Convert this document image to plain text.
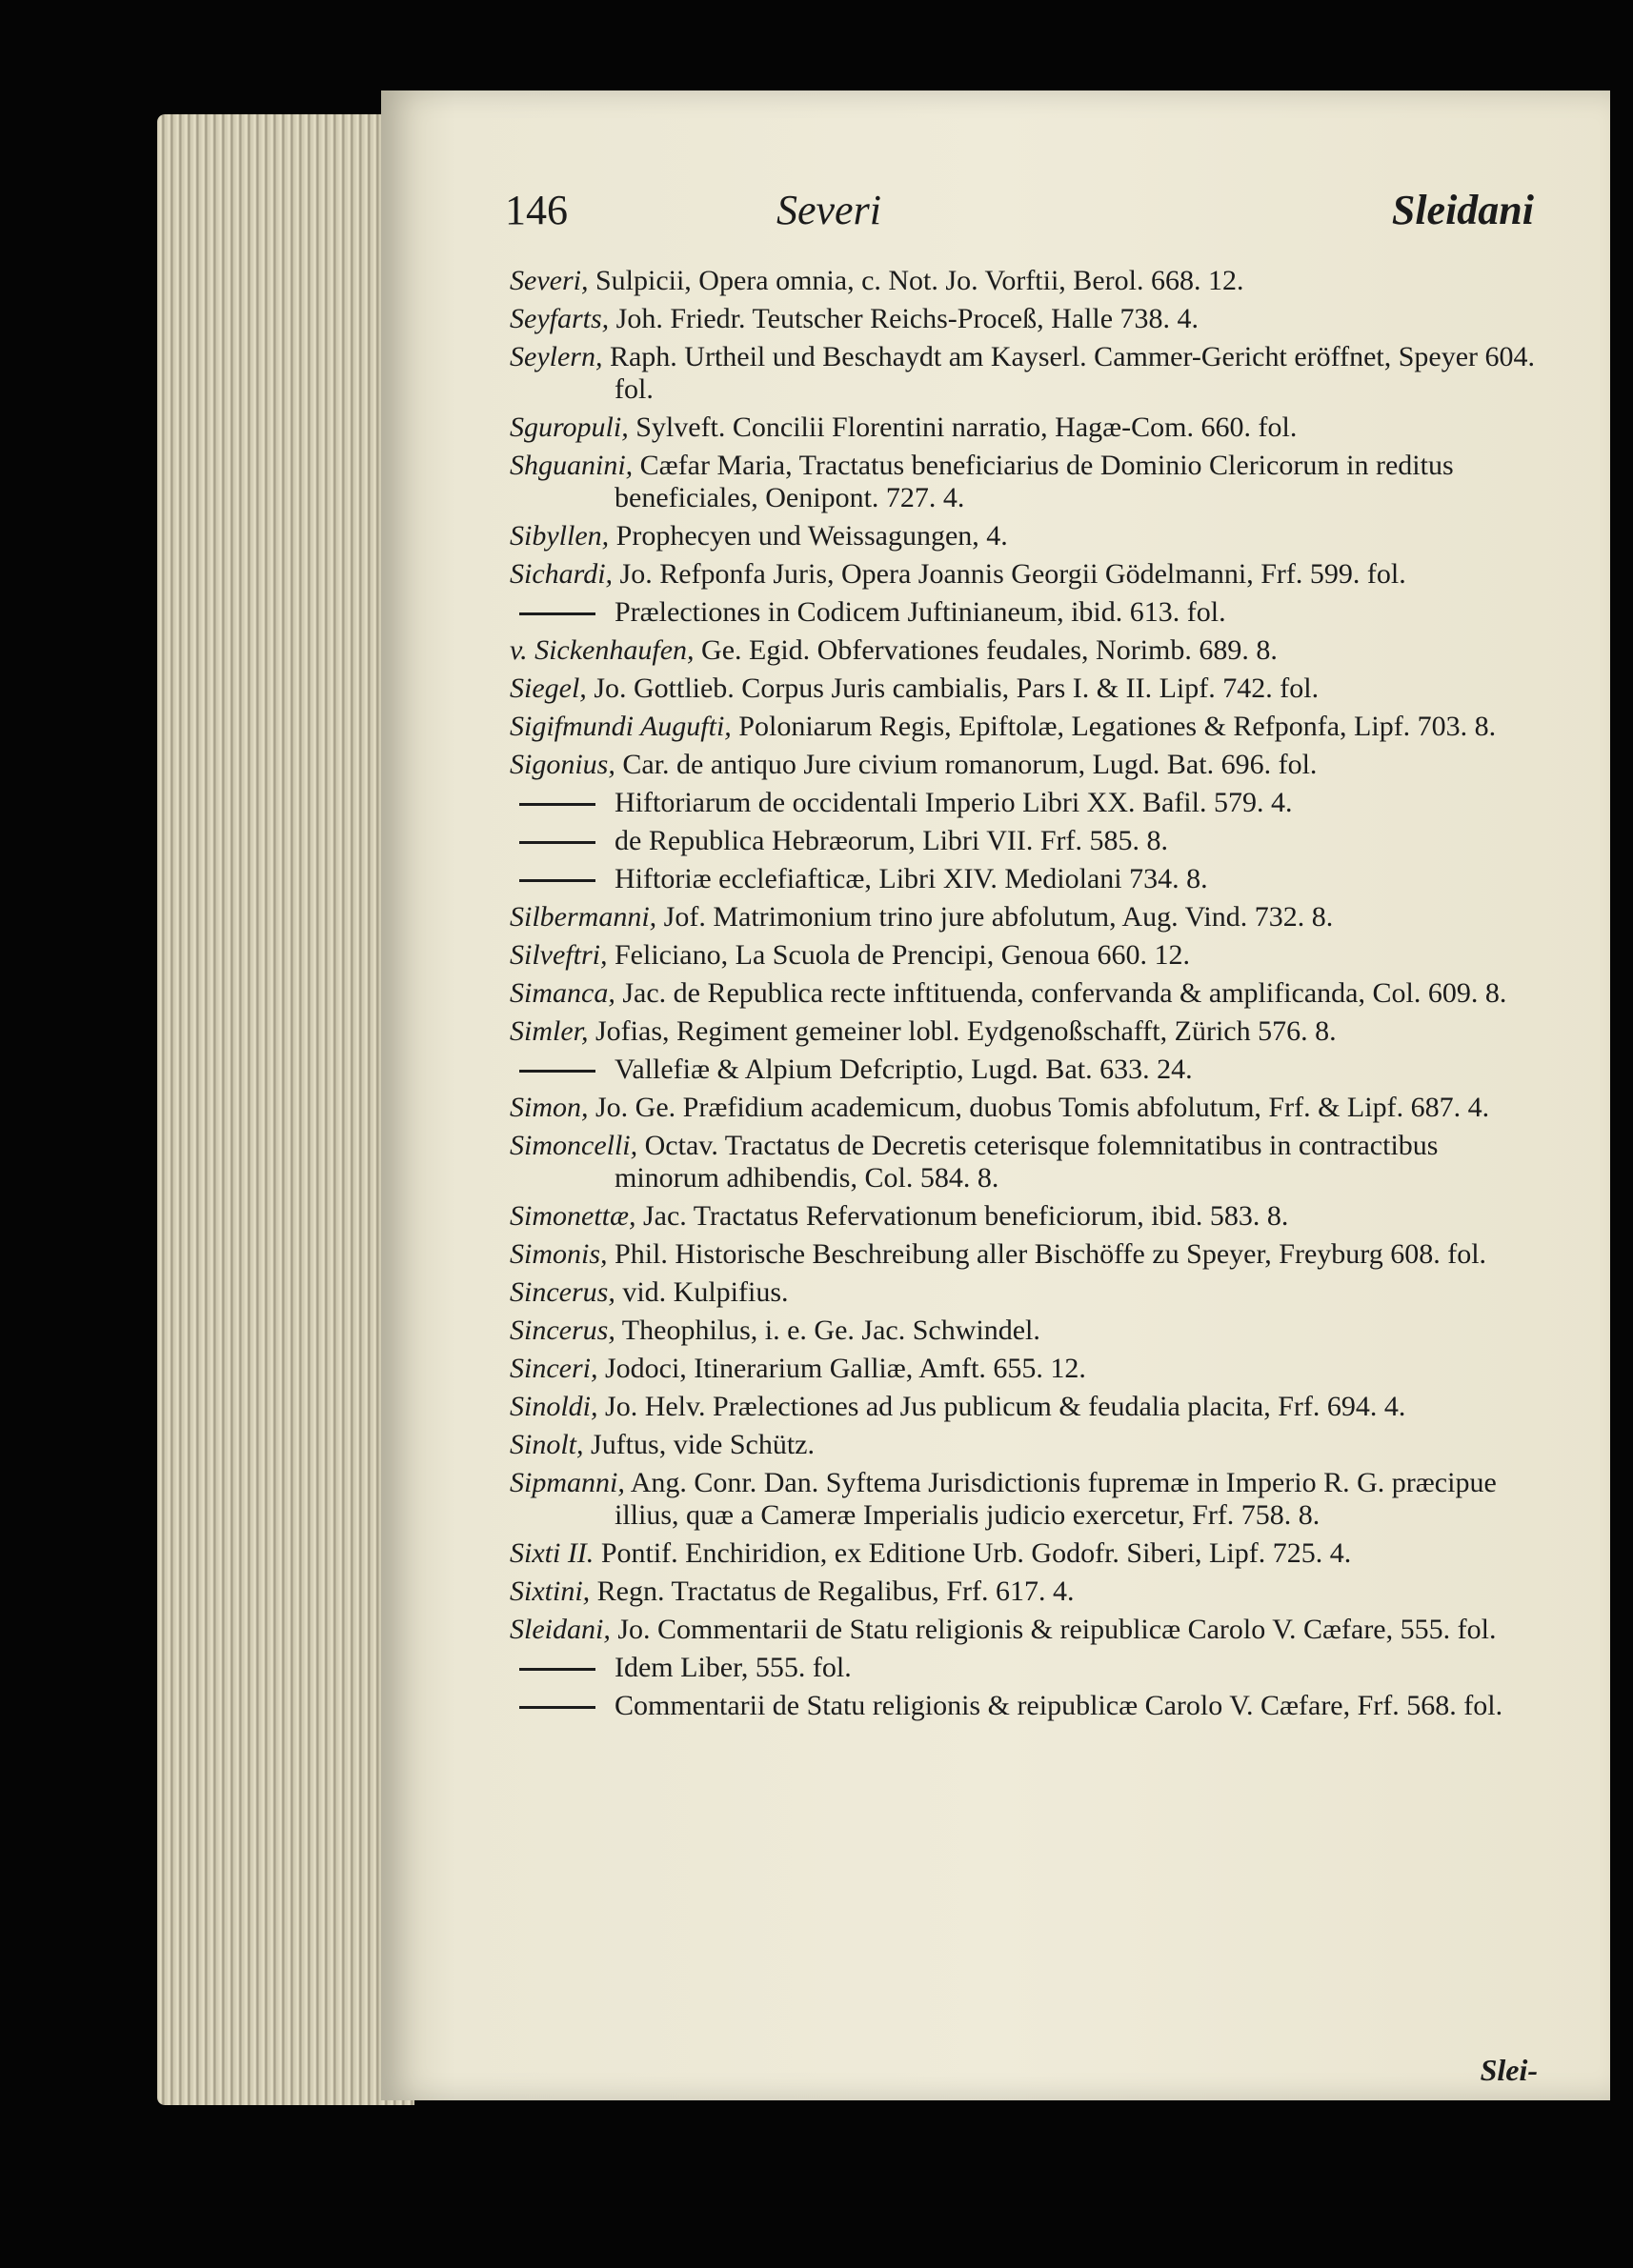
146	Severi	Sleidani

Severi, Sulpicii, Opera omnia, c. Not. Jo. Vorftii, Berol. 668. 12.

Seyfarts, Joh. Friedr. Teutscher Reichs-Proceß, Halle 738. 4.

Seylern, Raph. Urtheil und Beschaydt am Kayserl. Cammer-Gericht eröffnet, Speyer 604. fol.

Sguropuli, Sylveft. Concilii Florentini narratio, Hagæ-Com. 660. fol.

Shguanini, Cæfar Maria, Tractatus beneficiarius de Dominio Clericorum in reditus beneficiales, Oenipont. 727. 4.

Sibyllen, Prophecyen und Weissagungen, 4.

Sichardi, Jo. Refponfa Juris, Opera Joannis Georgii Gödelmanni, Frf. 599. fol.

Prælectiones in Codicem Juftinianeum, ibid. 613. fol.

v. Sickenhaufen, Ge. Egid. Obfervationes feudales, Norimb. 689. 8.

Siegel, Jo. Gottlieb. Corpus Juris cambialis, Pars I. & II. Lipf. 742. fol.

Sigifmundi Augufti, Poloniarum Regis, Epiftolæ, Legationes & Refponfa, Lipf. 703. 8.

Sigonius, Car. de antiquo Jure civium romanorum, Lugd. Bat. 696. fol.

Hiftoriarum de occidentali Imperio Libri XX. Bafil. 579. 4.

de Republica Hebræorum, Libri VII. Frf. 585. 8.

Hiftoriæ ecclefiafticæ, Libri XIV. Mediolani 734. 8.

Silbermanni, Jof. Matrimonium trino jure abfolutum, Aug. Vind. 732. 8.

Silveftri, Feliciano, La Scuola de Prencipi, Genoua 660. 12.

Simanca, Jac. de Republica recte inftituenda, confervanda & amplificanda, Col. 609. 8.

Simler, Jofias, Regiment gemeiner lobl. Eydgenoßschafft, Zürich 576. 8.

Vallefiæ & Alpium Defcriptio, Lugd. Bat. 633. 24.

Simon, Jo. Ge. Præfidium academicum, duobus Tomis abfolutum, Frf. & Lipf. 687. 4.

Simoncelli, Octav. Tractatus de Decretis ceterisque folemnitatibus in contractibus minorum adhibendis, Col. 584. 8.

Simonettæ, Jac. Tractatus Refervationum beneficiorum, ibid. 583. 8.

Simonis, Phil. Historische Beschreibung aller Bischöffe zu Speyer, Freyburg 608. fol.

Sincerus, vid. Kulpifius.

Sincerus, Theophilus, i. e. Ge. Jac. Schwindel.

Sinceri, Jodoci, Itinerarium Galliæ, Amft. 655. 12.

Sinoldi, Jo. Helv. Prælectiones ad Jus publicum & feudalia placita, Frf. 694. 4.

Sinolt, Juftus, vide Schütz.

Sipmanni, Ang. Conr. Dan. Syftema Jurisdictionis fupremæ in Imperio R. G. præcipue illius, quæ a Cameræ Imperialis judicio exercetur, Frf. 758. 8.

Sixti II. Pontif. Enchiridion, ex Editione Urb. Godofr. Siberi, Lipf. 725. 4.

Sixtini, Regn. Tractatus de Regalibus, Frf. 617. 4.

Sleidani, Jo. Commentarii de Statu religionis & reipublicæ Carolo V. Cæfare, 555. fol.

Idem Liber, 555. fol.

Commentarii de Statu religionis & reipublicæ Carolo V. Cæfare, Frf. 568. fol.

Slei-
